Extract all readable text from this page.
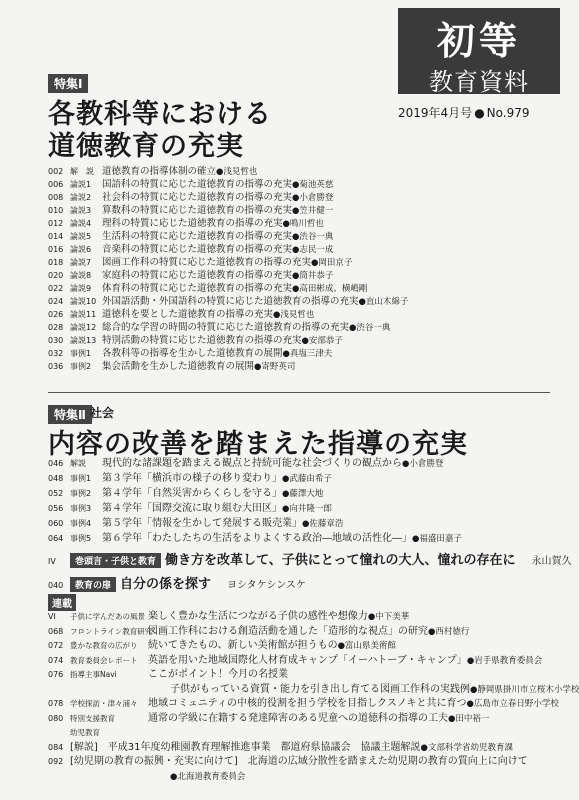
初等
教育資料
2019年4月号 ● No.979
特集Ⅰ
各教科等における
道徳教育の充実
002 解　説 道徳教育の指導体制の確立●浅見哲也
006 論説1 国語科の特質に応じた道徳教育の指導の充実●菊池英慈
008 論説2 社会科の特質に応じた道徳教育の指導の充実●小倉勝登
010 論説3 算数科の特質に応じた道徳教育の指導の充実●笠井健一
012 論説4 理科の特質に応じた道徳教育の指導の充実●鳴川哲也
014 論説5 生活科の特質に応じた道徳教育の指導の充実●渋谷一典
016 論説6 音楽科の特質に応じた道徳教育の指導の充実●志民一成
018 論説7 図画工作科の特質に応じた道徳教育の指導の充実●岡田京子
020 論説8 家庭科の特質に応じた道徳教育の指導の充実●筒井恭子
022 論説9 体育科の特質に応じた道徳教育の指導の充実●高田彬成、横嶋剛
024 論説10 外国語活動・外国語科の特質に応じた道徳教育の指導の充実●直山木綿子
026 論説11 道徳科を要とした道徳教育の指導の充実●浅見哲也
028 論説12 総合的な学習の時間の特質に応じた道徳教育の指導の充実●渋谷一典
030 論説13 特別活動の特質に応じた道徳教育の指導の充実●安部恭子
032 事例1 各教科等の指導を生かした道徳教育の展開●真塩三津夫
036 事例2 集会活動を生かした道徳教育の展開●寄野英司
特集Ⅱ 社会
内容の改善を踏まえた指導の充実
046 解説 現代的な諸課題を踏まえる観点と持続可能な社会づくりの観点から●小倉勝登
048 事例1 第３学年「横浜市の様子の移り変わり」●武藤由希子
052 事例2 第４学年「自然災害からくらしを守る」●藤澤大地
056 事例3 第４学年「国際交流に取り組む大田区」●向井隆一郎
060 事例4 第５学年「情報を生かして発展する販売業」●佐藤章浩
064 事例5 第６学年「わたしたちの生活をよりよくする政治―地域の活性化―」●福盛田嘉子
IV 巻頭言・子供と教育 働き方を改革して、子供にとって憧れの大人、憧れの存在に　 永山賀久
040 教育の扉 自分の係を探す　 ヨシタケシンスケ
連載
VI 子供に学んだあの風景 楽しく豊かな生活につながる子供の感性や想像力●中下美華
068 フロントライン教育研究図画工作科における創造活動を通した「造形的な視点」の研究●西村徳行
072 豊かな教育の広がり 続いてきたもの、新しい美術館が担うもの●富山県美術館
074 教育委員会レポート 英語を用いた地域国際化人材育成キャンプ「イーハトーブ・キャンプ」●岩手県教育委員会
076 指導主事Navi	ここがポイント！今月の名授業
子供がもっている資質・能力を引き出し育てる図画工作科の実践例●静岡県掛川市立桜木小学校
078 学校探訪・津々浦々 地域コミュニティの中核的役割を担う学校を目指しクスノキと共に育つ●広島市立春日野小学校
080 特別支援教育	通常の学級に在籍する発達障害のある児童への道徳科の指導の工夫●田中裕一
幼児教育
084 [解説]　平成31年度幼稚園教育理解推進事業　都道府県協議会　協議主題解説●文部科学省幼児教育課
092 [幼児期の教育の振興・充実に向けて]　北海道の広域分散性を踏まえた幼児期の教育の質向上に向けて
●北海道教育委員会
